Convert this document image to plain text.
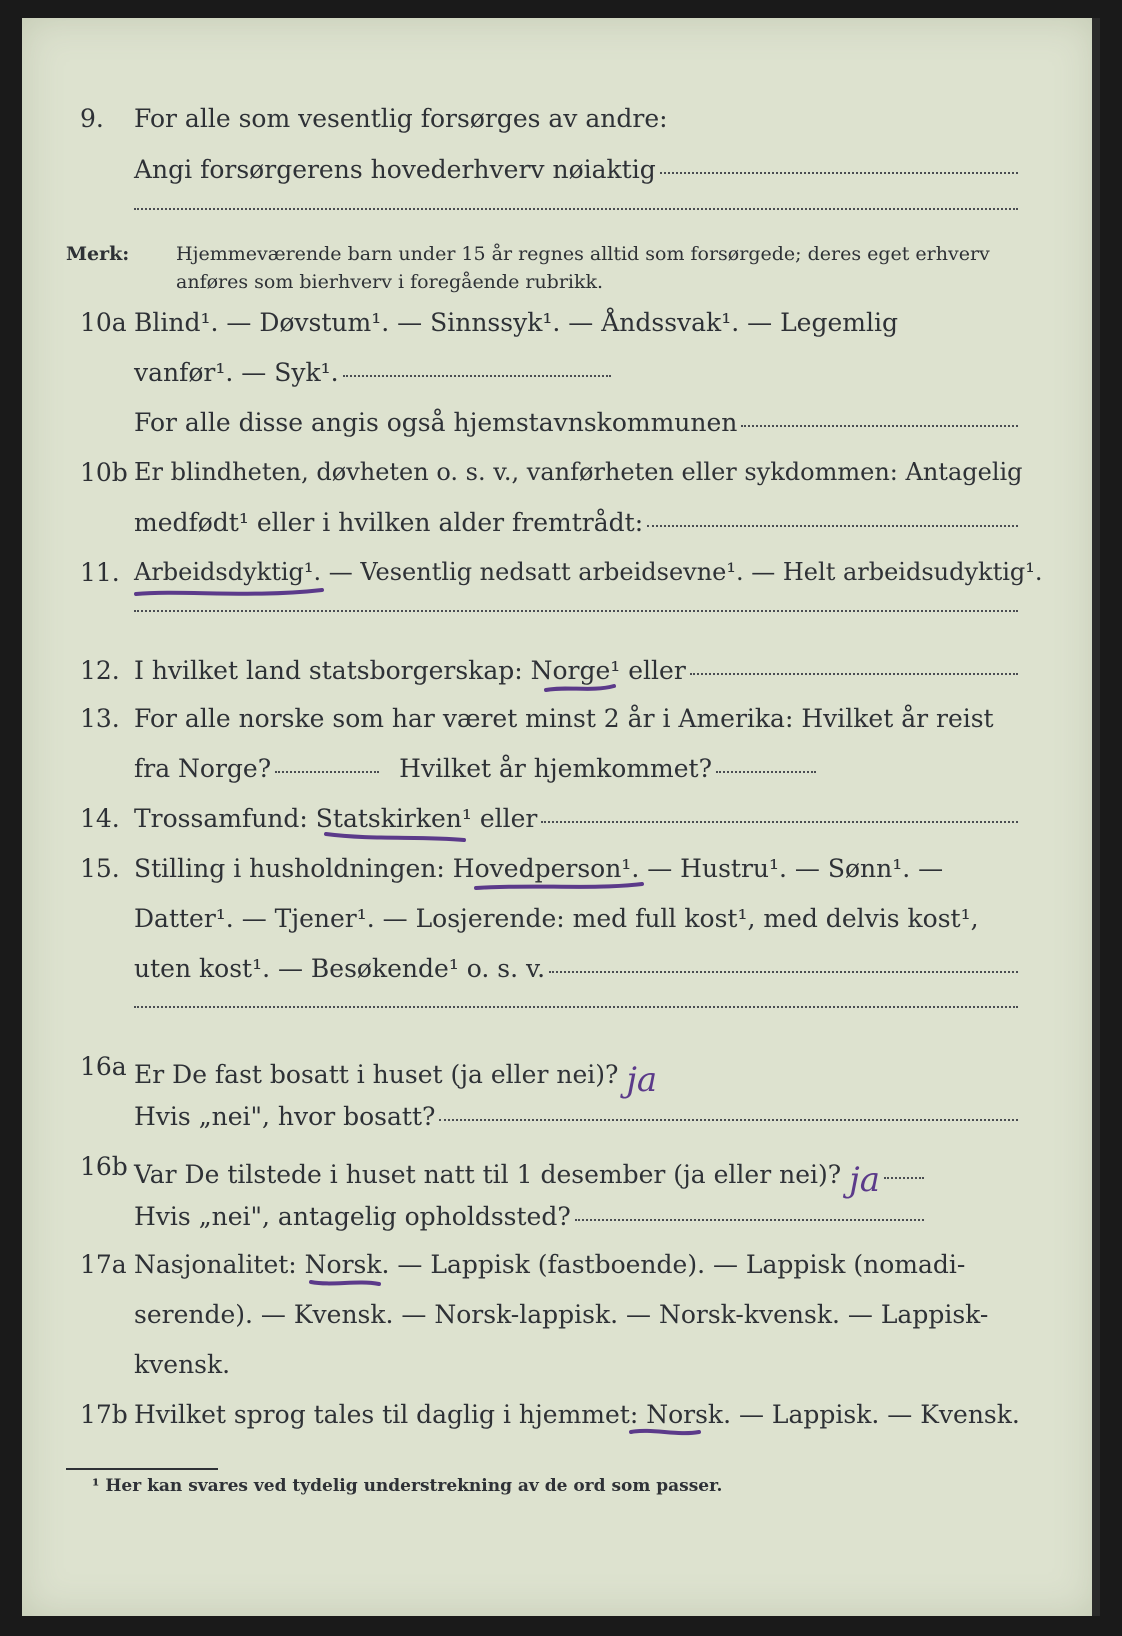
9. For alle som vesentlig forsørges av andre:
Angi forsørgerens hovederhverv nøiaktig
Merk: Hjemmeværende barn under 15 år regnes alltid som forsørgede; deres eget erhverv anføres som bierhverv i foregående rubrikk.
10a Blind¹. — Døvstum¹. — Sinnssyk¹. — Åndssvak¹. — Legemlig
vanfør¹. — Syk¹.
For alle disse angis også hjemstavnskommunen
10b Er blindheten, døvheten o. s. v., vanførheten eller sykdommen: Antagelig
medfødt¹ eller i hvilken alder fremtrådt:
11. Arbeidsdyktig¹. — Vesentlig nedsatt arbeidsevne¹. — Helt arbeidsudyktig¹.
12. I hvilket land statsborgerskap: Norge¹ eller
13. For alle norske som har været minst 2 år i Amerika: Hvilket år reist
fra Norge?	Hvilket år hjemkommet?
14. Trossamfund: Statskirken¹ eller
15. Stilling i husholdningen: Hovedperson¹. — Hustru¹. — Sønn¹. —
Datter¹. — Tjener¹. — Losjerende: med full kost¹, med delvis kost¹,
uten kost¹. — Besøkende¹ o. s. v.
16a Er De fast bosatt i huset (ja eller nei)? ja
Hvis „nei", hvor bosatt?
16b Var De tilstede i huset natt til 1 desember (ja eller nei)? ja
Hvis „nei", antagelig opholdssted?
17a Nasjonalitet: Norsk. — Lappisk (fastboende). — Lappisk (nomadi-
serende). — Kvensk. — Norsk-lappisk. — Norsk-kvensk. — Lappisk-
kvensk.
17b Hvilket sprog tales til daglig i hjemmet: Norsk. — Lappisk. — Kvensk.
¹ Her kan svares ved tydelig understrekning av de ord som passer.
